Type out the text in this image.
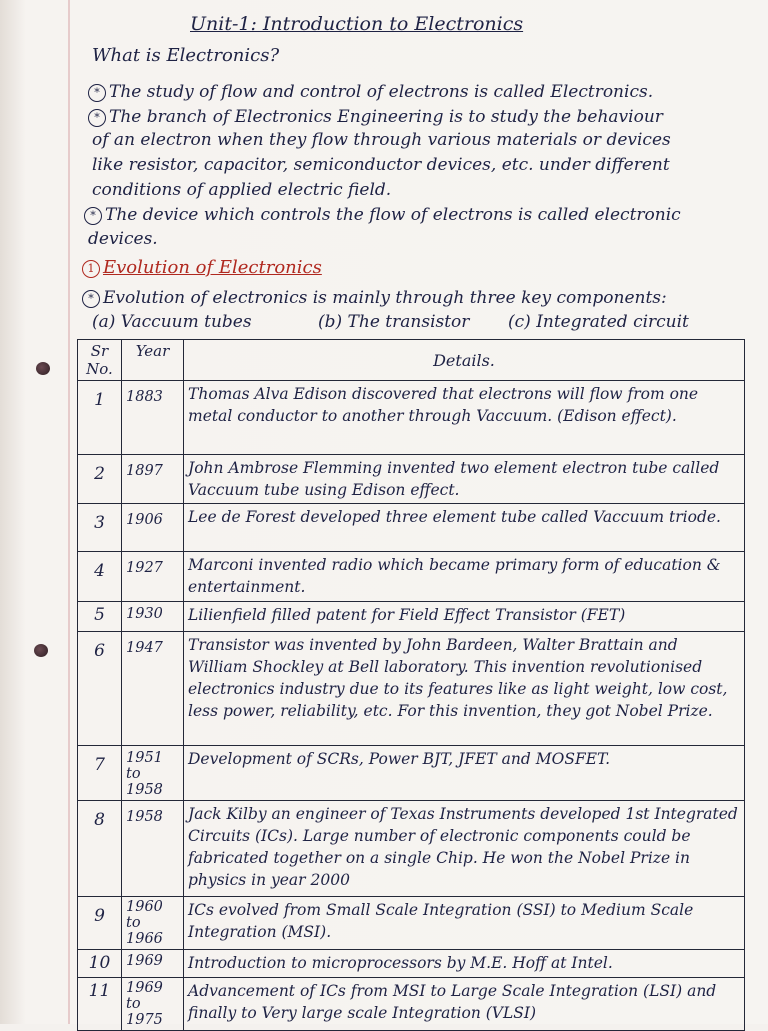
Unit-1: Introduction to Electronics
What is Electronics?
* The study of flow and control of electrons is called Electronics.
* The branch of Electronics Engineering is to study the behaviour
of an electron when they flow through various materials or devices
like resistor, capacitor, semiconductor devices, etc. under different
conditions of applied electric field.
* The device which controls the flow of electrons is called electronic
devices.
1 Evolution of Electronics
* Evolution of electronics is mainly through three key components:
(a) Vaccuum tubes	(b) The transistor (c) Integrated circuit
Sr No.	Year	Details.
1	1883	Thomas Alva Edison discovered that electrons will flow from one metal conductor to another through Vaccuum. (Edison effect).
2	1897	John Ambrose Flemming invented two element electron tube called Vaccuum tube using Edison effect.
3	1906	Lee de Forest developed three element tube called Vaccuum triode.
4	1927	Marconi invented radio which became primary form of education & entertainment.
5	1930	Lilienfield filled patent for Field Effect Transistor (FET)
6	1947	Transistor was invented by John Bardeen, Walter Brattain and William Shockley at Bell laboratory. This invention revolutionised electronics industry due to its features like as light weight, low cost, less power, reliability, etc. For this invention, they got Nobel Prize.
7	1951 to 1958	Development of SCRs, Power BJT, JFET and MOSFET.
8	1958	Jack Kilby an engineer of Texas Instruments developed 1st Integrated Circuits (ICs). Large number of electronic components could be fabricated together on a single Chip. He won the Nobel Prize in physics in year 2000
9	1960 to 1966	ICs evolved from Small Scale Integration (SSI) to Medium Scale Integration (MSI).
10	1969	Introduction to microprocessors by M.E. Hoff at Intel.
11	1969 to 1975	Advancement of ICs from MSI to Large Scale Integration (LSI) and finally to Very large scale Integration (VLSI)
